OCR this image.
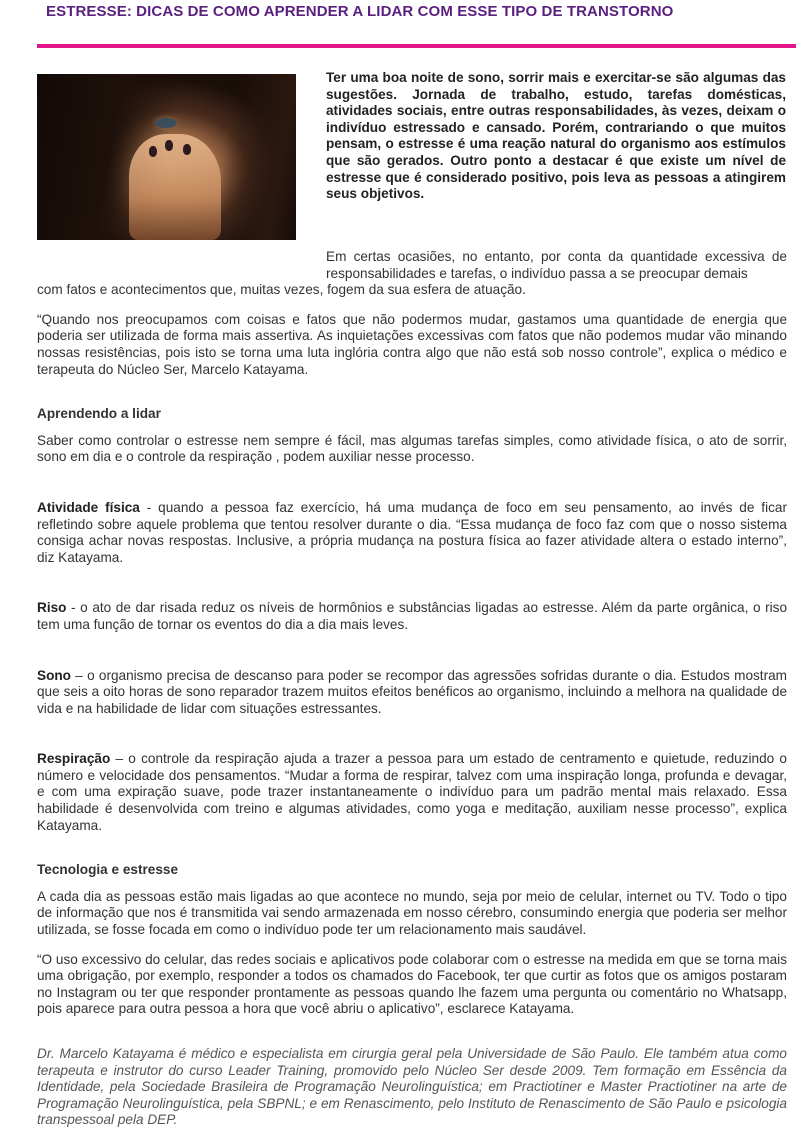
ESTRESSE: DICAS DE COMO APRENDER A LIDAR COM ESSE TIPO DE TRANSTORNO

Ter uma boa noite de sono, sorrir mais e exercitar-se são algumas das sugestões. Jornada de trabalho, estudo, tarefas domésticas, atividades sociais, entre outras responsabilidades, às vezes, deixam o indivíduo estressado e cansado. Porém, contrariando o que muitos pensam, o estresse é uma reação natural do organismo aos estímulos que são gerados. Outro ponto a destacar é que existe um nível de estresse que é considerado positivo, pois leva as pessoas a atingirem seus objetivos.

Em certas ocasiões, no entanto, por conta da quantidade excessiva de responsabilidades e tarefas, o indivíduo passa a se preocupar demais

com fatos e acontecimentos que, muitas vezes, fogem da sua esfera de atuação.

“Quando nos preocupamos com coisas e fatos que não podermos mudar, gastamos uma quantidade de energia que poderia ser utilizada de forma mais assertiva. As inquietações excessivas com fatos que não podemos mudar vão minando nossas resistências, pois isto se torna uma luta inglória contra algo que não está sob nosso controle”, explica o médico e terapeuta do Núcleo Ser, Marcelo Katayama.

Aprendendo a lidar

Saber como controlar o estresse nem sempre é fácil, mas algumas tarefas simples, como atividade física, o ato de sorrir, sono em dia e o controle da respiração , podem auxiliar nesse processo.

Atividade física - quando a pessoa faz exercício, há uma mudança de foco em seu pensamento, ao invés de ficar refletindo sobre aquele problema que tentou resolver durante o dia. “Essa mudança de foco faz com que o nosso sistema consiga achar novas respostas. Inclusive, a própria mudança na postura física ao fazer atividade altera o estado interno”, diz Katayama.

Riso - o ato de dar risada reduz os níveis de hormônios e substâncias ligadas ao estresse. Além da parte orgânica, o riso tem uma função de tornar os eventos do dia a dia mais leves.

Sono – o organismo precisa de descanso para poder se recompor das agressões sofridas durante o dia. Estudos mostram que seis a oito horas de sono reparador trazem muitos efeitos benéficos ao organismo, incluindo a melhora na qualidade de vida e na habilidade de lidar com situações estressantes.

Respiração – o controle da respiração ajuda a trazer a pessoa para um estado de centramento e quietude, reduzindo o número e velocidade dos pensamentos. “Mudar a forma de respirar, talvez com uma inspiração longa, profunda e devagar, e com uma expiração suave, pode trazer instantaneamente o indivíduo para um padrão mental mais relaxado. Essa habilidade é desenvolvida com treino e algumas atividades, como yoga e meditação, auxiliam nesse processo”, explica Katayama.

Tecnologia e estresse

A cada dia as pessoas estão mais ligadas ao que acontece no mundo, seja por meio de celular, internet ou TV. Todo o tipo de informação que nos é transmitida vai sendo armazenada em nosso cérebro, consumindo energia que poderia ser melhor utilizada, se fosse focada em como o indivíduo pode ter um relacionamento mais saudável.

“O uso excessivo do celular, das redes sociais e aplicativos pode colaborar com o estresse na medida em que se torna mais uma obrigação, por exemplo, responder a todos os chamados do Facebook, ter que curtir as fotos que os amigos postaram no Instagram ou ter que responder prontamente as pessoas quando lhe fazem uma pergunta ou comentário no Whatsapp, pois aparece para outra pessoa a hora que você abriu o aplicativo”, esclarece Katayama.

Dr. Marcelo Katayama é médico e especialista em cirurgia geral pela Universidade de São Paulo. Ele também atua como terapeuta e instrutor do curso Leader Training, promovido pelo Núcleo Ser desde 2009. Tem formação em Essência da Identidade, pela Sociedade Brasileira de Programação Neurolinguística; em Practiotiner e Master Practiotiner na arte de Programação Neurolinguística, pela SBPNL; e em Renascimento, pelo Instituto de Renascimento de São Paulo e psicologia transpessoal pela DEP.
